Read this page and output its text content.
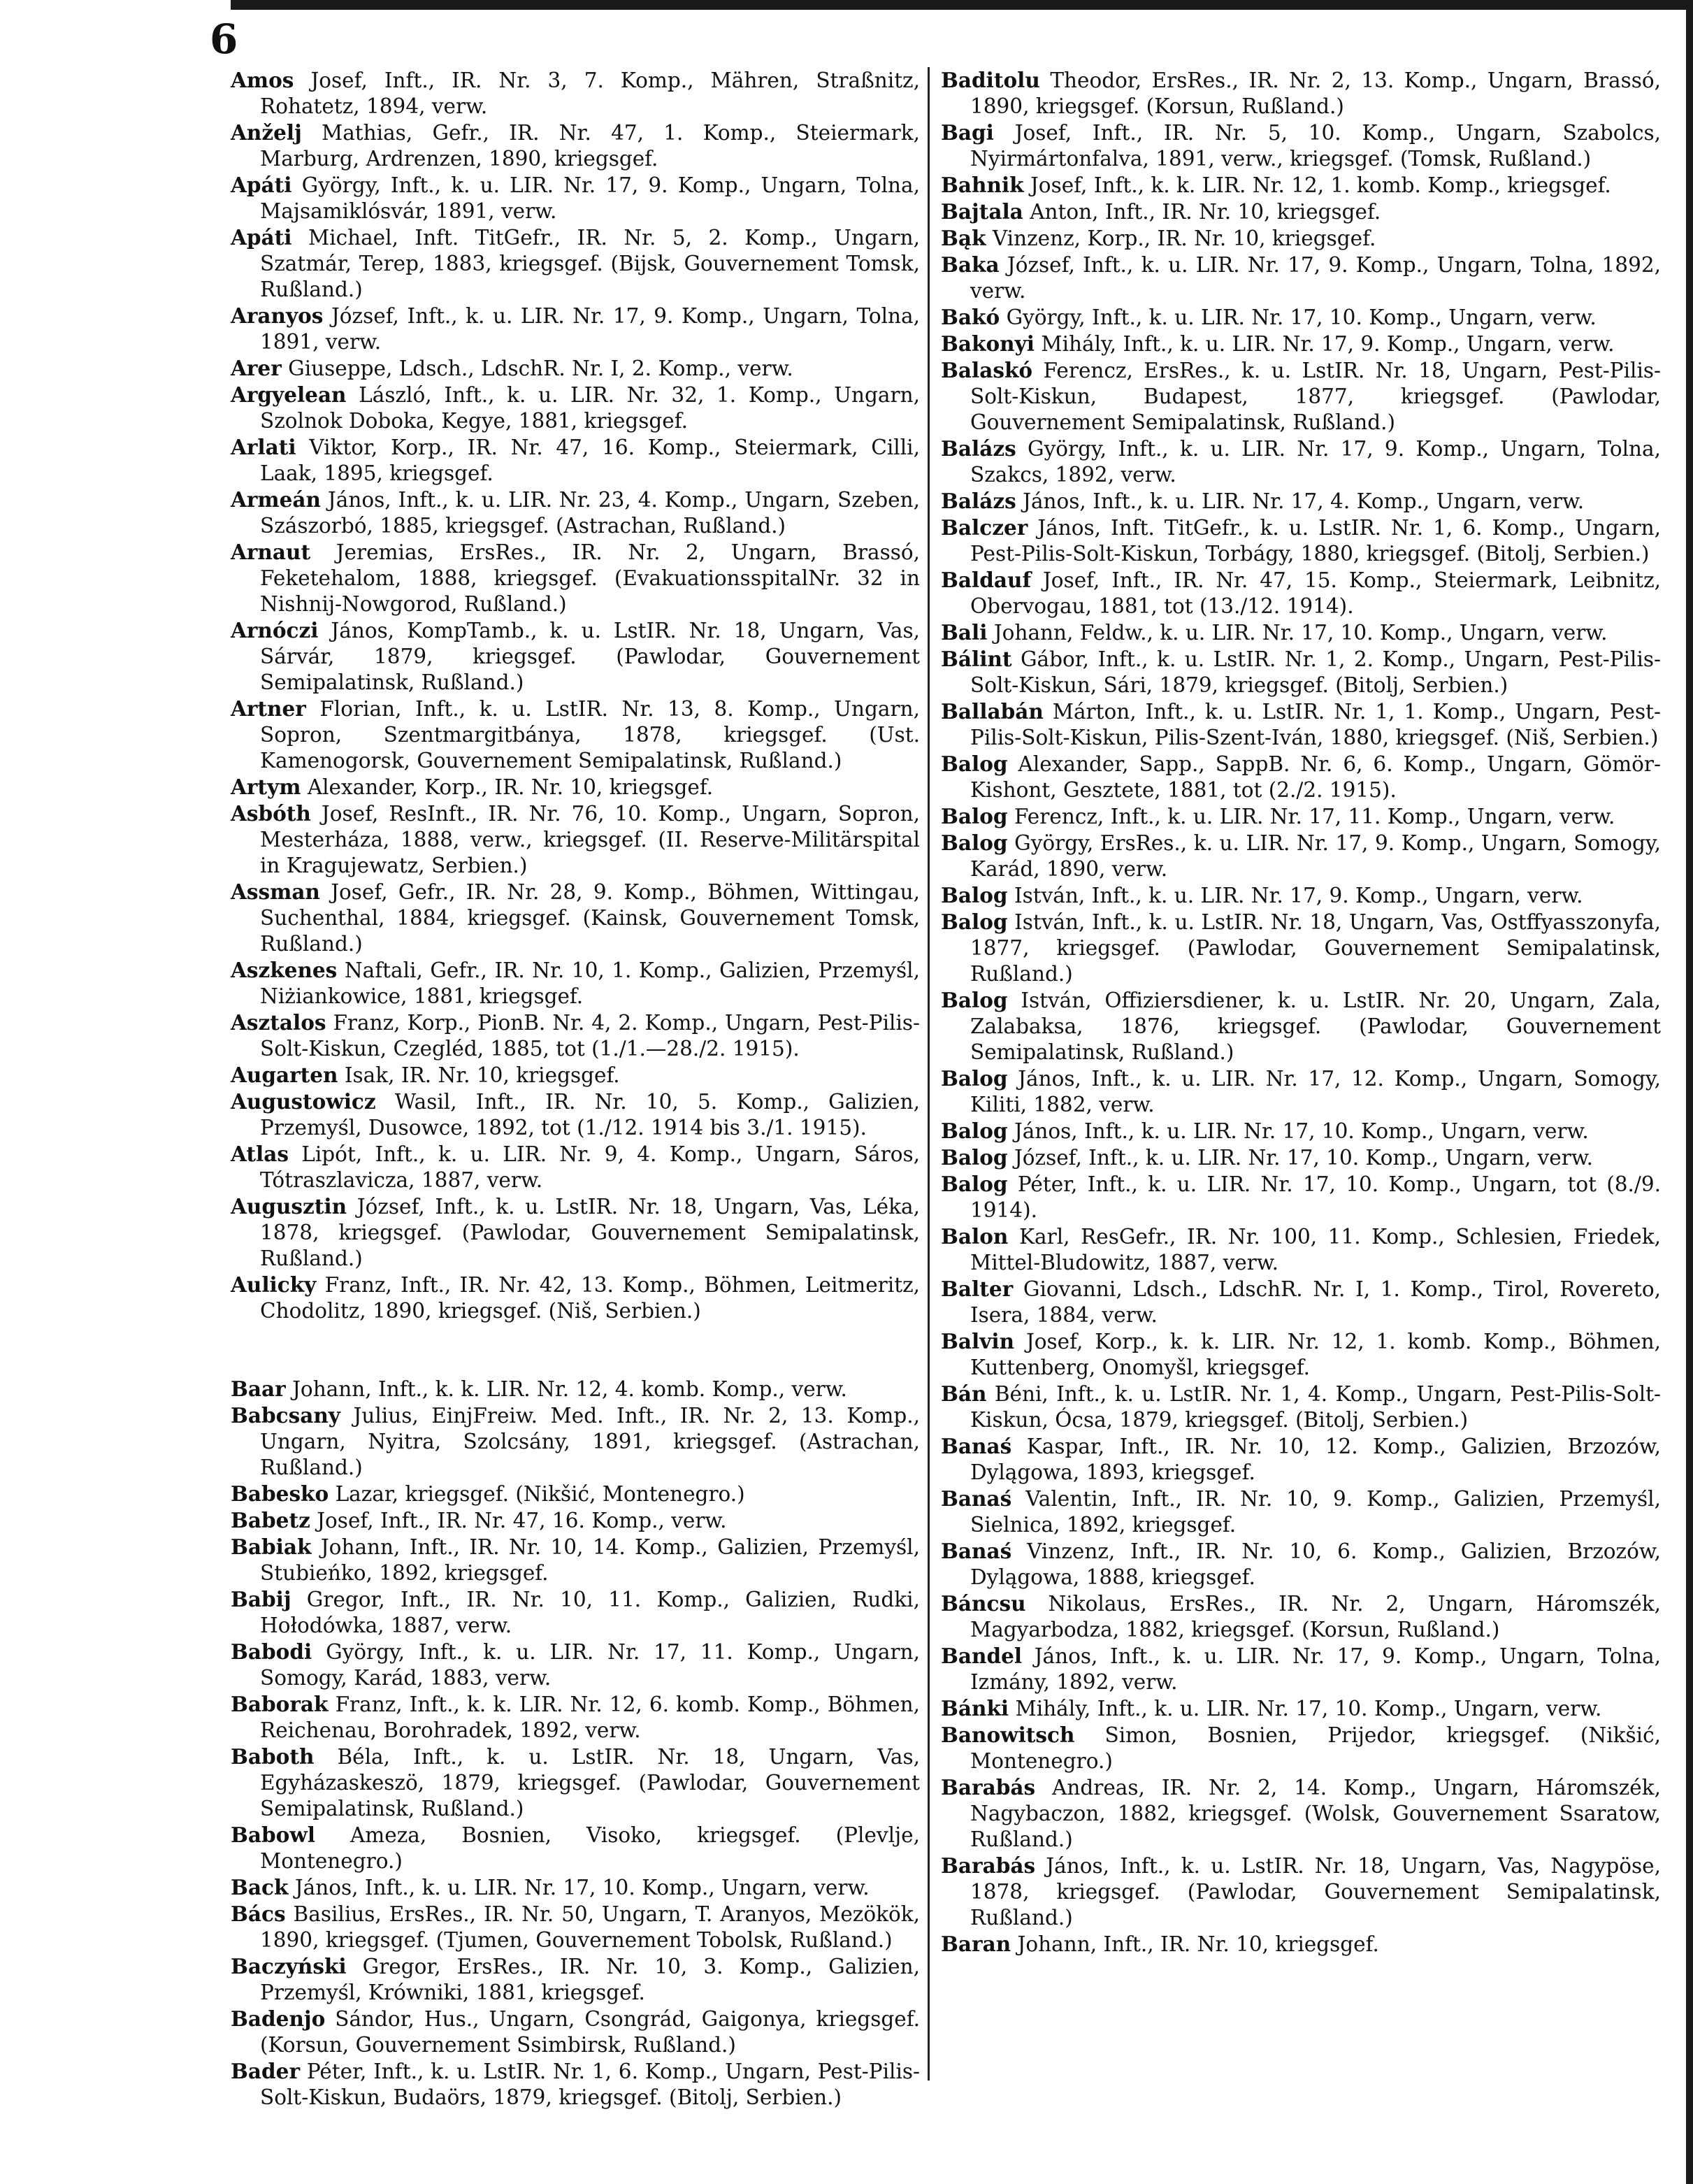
6
Amos Josef, Inft., IR. Nr. 3, 7. Komp., Mähren, Straßnitz, Rohatetz, 1894, verw.
Anželj Mathias, Gefr., IR. Nr. 47, 1. Komp., Steiermark, Marburg, Ardrenzen, 1890, kriegsgef.
Apáti György, Inft., k. u. LIR. Nr. 17, 9. Komp., Ungarn, Tolna, Majsamiklósvár, 1891, verw.
Apáti Michael, Inft. TitGefr., IR. Nr. 5, 2. Komp., Ungarn, Szatmár, Terep, 1883, kriegsgef. (Bijsk, Gouvernement Tomsk, Rußland.)
Aranyos József, Inft., k. u. LIR. Nr. 17, 9. Komp., Ungarn, Tolna, 1891, verw.
Arer Giuseppe, Ldsch., LdschR. Nr. I, 2. Komp., verw.
Argyelean László, Inft., k. u. LIR. Nr. 32, 1. Komp., Ungarn, Szolnok Doboka, Kegye, 1881, kriegsgef.
Arlati Viktor, Korp., IR. Nr. 47, 16. Komp., Steiermark, Cilli, Laak, 1895, kriegsgef.
Armeán János, Inft., k. u. LIR. Nr. 23, 4. Komp., Ungarn, Szeben, Szászorbó, 1885, kriegsgef. (Astrachan, Rußland.)
Arnaut Jeremias, ErsRes., IR. Nr. 2, Ungarn, Brassó, Feketehalom, 1888, kriegsgef. (EvakuationsspitalNr. 32 in Nishnij-Nowgorod, Rußland.)
Arnóczi János, KompTamb., k. u. LstIR. Nr. 18, Ungarn, Vas, Sárvár, 1879, kriegsgef. (Pawlodar, Gouvernement Semipalatinsk, Rußland.)
Artner Florian, Inft., k. u. LstIR. Nr. 13, 8. Komp., Ungarn, Sopron, Szentmargitbánya, 1878, kriegsgef. (Ust. Kamenogorsk, Gouvernement Semipalatinsk, Rußland.)
Artym Alexander, Korp., IR. Nr. 10, kriegsgef.
Asbóth Josef, ResInft., IR. Nr. 76, 10. Komp., Ungarn, Sopron, Mesterháza, 1888, verw., kriegsgef. (II. Reserve-Militärspital in Kragujewatz, Serbien.)
Assman Josef, Gefr., IR. Nr. 28, 9. Komp., Böhmen, Wittingau, Suchenthal, 1884, kriegsgef. (Kainsk, Gouvernement Tomsk, Rußland.)
Aszkenes Naftali, Gefr., IR. Nr. 10, 1. Komp., Galizien, Przemyśl, Niżiankowice, 1881, kriegsgef.
Asztalos Franz, Korp., PionB. Nr. 4, 2. Komp., Ungarn, Pest-Pilis-Solt-Kiskun, Czegléd, 1885, tot (1./1.—28./2. 1915).
Augarten Isak, IR. Nr. 10, kriegsgef.
Augustowicz Wasil, Inft., IR. Nr. 10, 5. Komp., Galizien, Przemyśl, Dusowce, 1892, tot (1./12. 1914 bis 3./1. 1915).
Atlas Lipót, Inft., k. u. LIR. Nr. 9, 4. Komp., Ungarn, Sáros, Tótraszlavicza, 1887, verw.
Augusztin József, Inft., k. u. LstIR. Nr. 18, Ungarn, Vas, Léka, 1878, kriegsgef. (Pawlodar, Gouvernement Semipalatinsk, Rußland.)
Aulicky Franz, Inft., IR. Nr. 42, 13. Komp., Böhmen, Leitmeritz, Chodolitz, 1890, kriegsgef. (Niš, Serbien.)
Baar Johann, Inft., k. k. LIR. Nr. 12, 4. komb. Komp., verw.
Babcsany Julius, EinjFreiw. Med. Inft., IR. Nr. 2, 13. Komp., Ungarn, Nyitra, Szolcsány, 1891, kriegsgef. (Astrachan, Rußland.)
Babesko Lazar, kriegsgef. (Nikšić, Montenegro.)
Babetz Josef, Inft., IR. Nr. 47, 16. Komp., verw.
Babiak Johann, Inft., IR. Nr. 10, 14. Komp., Galizien, Przemyśl, Stubieńko, 1892, kriegsgef.
Babij Gregor, Inft., IR. Nr. 10, 11. Komp., Galizien, Rudki, Hołodówka, 1887, verw.
Babodi György, Inft., k. u. LIR. Nr. 17, 11. Komp., Ungarn, Somogy, Karád, 1883, verw.
Baborak Franz, Inft., k. k. LIR. Nr. 12, 6. komb. Komp., Böhmen, Reichenau, Borohradek, 1892, verw.
Baboth Béla, Inft., k. u. LstIR. Nr. 18, Ungarn, Vas, Egyházaskeszö, 1879, kriegsgef. (Pawlodar, Gouvernement Semipalatinsk, Rußland.)
Babowl Ameza, Bosnien, Visoko, kriegsgef. (Plevlje, Montenegro.)
Back János, Inft., k. u. LIR. Nr. 17, 10. Komp., Ungarn, verw.
Bács Basilius, ErsRes., IR. Nr. 50, Ungarn, T. Aranyos, Mezökök, 1890, kriegsgef. (Tjumen, Gouvernement Tobolsk, Rußland.)
Baczyński Gregor, ErsRes., IR. Nr. 10, 3. Komp., Galizien, Przemyśl, Krówniki, 1881, kriegsgef.
Badenjo Sándor, Hus., Ungarn, Csongrád, Gaigonya, kriegsgef. (Korsun, Gouvernement Ssimbirsk, Rußland.)
Bader Péter, Inft., k. u. LstIR. Nr. 1, 6. Komp., Ungarn, Pest-Pilis-Solt-Kiskun, Budaörs, 1879, kriegsgef. (Bitolj, Serbien.)
Baditolu Theodor, ErsRes., IR. Nr. 2, 13. Komp., Ungarn, Brassó, 1890, kriegsgef. (Korsun, Rußland.)
Bagi Josef, Inft., IR. Nr. 5, 10. Komp., Ungarn, Szabolcs, Nyirmártonfalva, 1891, verw., kriegsgef. (Tomsk, Rußland.)
Bahnik Josef, Inft., k. k. LIR. Nr. 12, 1. komb. Komp., kriegsgef.
Bajtala Anton, Inft., IR. Nr. 10, kriegsgef.
Bąk Vinzenz, Korp., IR. Nr. 10, kriegsgef.
Baka József, Inft., k. u. LIR. Nr. 17, 9. Komp., Ungarn, Tolna, 1892, verw.
Bakó György, Inft., k. u. LIR. Nr. 17, 10. Komp., Ungarn, verw.
Bakonyi Mihály, Inft., k. u. LIR. Nr. 17, 9. Komp., Ungarn, verw.
Balaskó Ferencz, ErsRes., k. u. LstIR. Nr. 18, Ungarn, Pest-Pilis-Solt-Kiskun, Budapest, 1877, kriegsgef. (Pawlodar, Gouvernement Semipalatinsk, Rußland.)
Balázs György, Inft., k. u. LIR. Nr. 17, 9. Komp., Ungarn, Tolna, Szakcs, 1892, verw.
Balázs János, Inft., k. u. LIR. Nr. 17, 4. Komp., Ungarn, verw.
Balczer János, Inft. TitGefr., k. u. LstIR. Nr. 1, 6. Komp., Ungarn, Pest-Pilis-Solt-Kiskun, Torbágy, 1880, kriegsgef. (Bitolj, Serbien.)
Baldauf Josef, Inft., IR. Nr. 47, 15. Komp., Steiermark, Leibnitz, Obervogau, 1881, tot (13./12. 1914).
Bali Johann, Feldw., k. u. LIR. Nr. 17, 10. Komp., Ungarn, verw.
Bálint Gábor, Inft., k. u. LstIR. Nr. 1, 2. Komp., Ungarn, Pest-Pilis-Solt-Kiskun, Sári, 1879, kriegsgef. (Bitolj, Serbien.)
Ballabán Márton, Inft., k. u. LstIR. Nr. 1, 1. Komp., Ungarn, Pest-Pilis-Solt-Kiskun, Pilis-Szent-Iván, 1880, kriegsgef. (Niš, Serbien.)
Balog Alexander, Sapp., SappB. Nr. 6, 6. Komp., Ungarn, Gömör-Kishont, Gesztete, 1881, tot (2./2. 1915).
Balog Ferencz, Inft., k. u. LIR. Nr. 17, 11. Komp., Ungarn, verw.
Balog György, ErsRes., k. u. LIR. Nr. 17, 9. Komp., Ungarn, Somogy, Karád, 1890, verw.
Balog István, Inft., k. u. LIR. Nr. 17, 9. Komp., Ungarn, verw.
Balog István, Inft., k. u. LstIR. Nr. 18, Ungarn, Vas, Ostffyasszonyfa, 1877, kriegsgef. (Pawlodar, Gouvernement Semipalatinsk, Rußland.)
Balog István, Offiziersdiener, k. u. LstIR. Nr. 20, Ungarn, Zala, Zalabaksa, 1876, kriegsgef. (Pawlodar, Gouvernement Semipalatinsk, Rußland.)
Balog János, Inft., k. u. LIR. Nr. 17, 12. Komp., Ungarn, Somogy, Kiliti, 1882, verw.
Balog János, Inft., k. u. LIR. Nr. 17, 10. Komp., Ungarn, verw.
Balog József, Inft., k. u. LIR. Nr. 17, 10. Komp., Ungarn, verw.
Balog Péter, Inft., k. u. LIR. Nr. 17, 10. Komp., Ungarn, tot (8./9. 1914).
Balon Karl, ResGefr., IR. Nr. 100, 11. Komp., Schlesien, Friedek, Mittel-Bludowitz, 1887, verw.
Balter Giovanni, Ldsch., LdschR. Nr. I, 1. Komp., Tirol, Rovereto, Isera, 1884, verw.
Balvin Josef, Korp., k. k. LIR. Nr. 12, 1. komb. Komp., Böhmen, Kuttenberg, Onomyšl, kriegsgef.
Bán Béni, Inft., k. u. LstIR. Nr. 1, 4. Komp., Ungarn, Pest-Pilis-Solt-Kiskun, Ócsa, 1879, kriegsgef. (Bitolj, Serbien.)
Banaś Kaspar, Inft., IR. Nr. 10, 12. Komp., Galizien, Brzozów, Dylągowa, 1893, kriegsgef.
Banaś Valentin, Inft., IR. Nr. 10, 9. Komp., Galizien, Przemyśl, Sielnica, 1892, kriegsgef.
Banaś Vinzenz, Inft., IR. Nr. 10, 6. Komp., Galizien, Brzozów, Dylągowa, 1888, kriegsgef.
Báncsu Nikolaus, ErsRes., IR. Nr. 2, Ungarn, Háromszék, Magyarbodza, 1882, kriegsgef. (Korsun, Rußland.)
Bandel János, Inft., k. u. LIR. Nr. 17, 9. Komp., Ungarn, Tolna, Izmány, 1892, verw.
Bánki Mihály, Inft., k. u. LIR. Nr. 17, 10. Komp., Ungarn, verw.
Banowitsch Simon, Bosnien, Prijedor, kriegsgef. (Nikšić, Montenegro.)
Barabás Andreas, IR. Nr. 2, 14. Komp., Ungarn, Háromszék, Nagybaczon, 1882, kriegsgef. (Wolsk, Gouvernement Ssaratow, Rußland.)
Barabás János, Inft., k. u. LstIR. Nr. 18, Ungarn, Vas, Nagypöse, 1878, kriegsgef. (Pawlodar, Gouvernement Semipalatinsk, Rußland.)
Baran Johann, Inft., IR. Nr. 10, kriegsgef.
